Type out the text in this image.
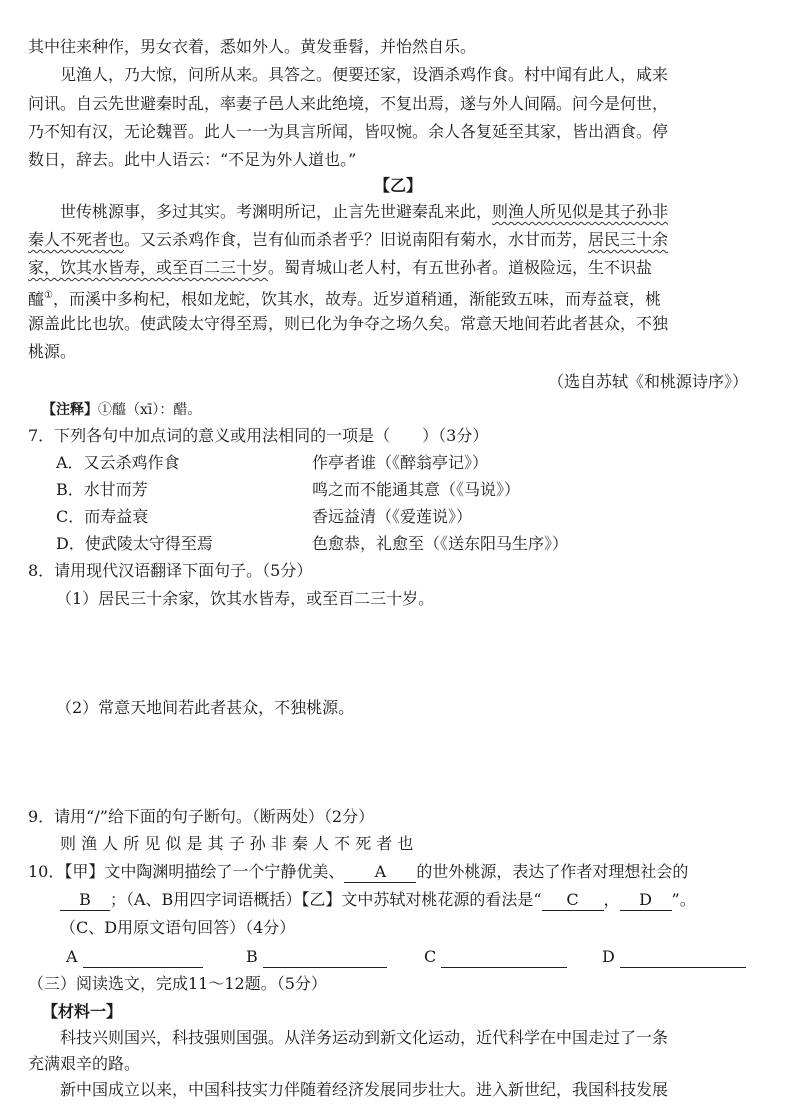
其中往来种作，男女衣着，悉如外人。黄发垂髫，并怡然自乐。
见渔人，乃大惊，问所从来。具答之。便要还家，设酒杀鸡作食。村中闻有此人，咸来
问讯。自云先世避秦时乱，率妻子邑人来此绝境，不复出焉，遂与外人间隔。问今是何世，
乃不知有汉，无论魏晋。此人一一为具言所闻，皆叹惋。余人各复延至其家，皆出酒食。停
数日，辞去。此中人语云：“不足为外人道也。”
【乙】
世传桃源事，多过其实。考渊明所记，止言先世避秦乱来此，则渔人所见似是其子孙非
秦人不死者也。又云杀鸡作食，岂有仙而杀者乎？旧说南阳有菊水，水甘而芳，居民三十余
家，饮其水皆寿，或至百二三十岁。蜀青城山老人村，有五世孙者。道极险远，生不识盐
醯①，而溪中多枸杞，根如龙蛇，饮其水，故寿。近岁道稍通，渐能致五味，而寿益衰，桃
源盖此比也欤。使武陵太守得至焉，则已化为争夺之场久矣。常意天地间若此者甚众，不独
桃源。
（选自苏轼《和桃源诗序》）
【注释】①醯（xī）：醋。
7．下列各句中加点词的意义或用法相同的一项是（　　）（3分）
A．又云杀鸡作食	作亭者谁（《醉翁亭记》）
B．水甘而芳	鸣之而不能通其意（《马说》）
C．而寿益衰	香远益清（《爱莲说》）
D．使武陵太守得至焉	色愈恭，礼愈至（《送东阳马生序》）
8．请用现代汉语翻译下面句子。（5分）
（1）居民三十余家，饮其水皆寿，或至百二三十岁。
（2）常意天地间若此者甚众，不独桃源。
9．请用“/”给下面的句子断句。（断两处）（2分）
则 渔 人 所 见 似 是 其 子 孙 非 秦 人 不 死 者 也
10．【甲】文中陶渊明描绘了一个宁静优美、 A 的世外桃源，表达了作者对理想社会的
B ；（A、B用四字词语概括）【乙】文中苏轼对桃花源的看法是“ C ， D ”。
（C、D用原文语句回答）（4分）
A	B	C	D
（三）阅读选文，完成11～12题。（5分）
【材料一】
科技兴则国兴，科技强则国强。从洋务运动到新文化运动，近代科学在中国走过了一条
充满艰辛的路。
新中国成立以来，中国科技实力伴随着经济发展同步壮大。进入新世纪，我国科技发展
